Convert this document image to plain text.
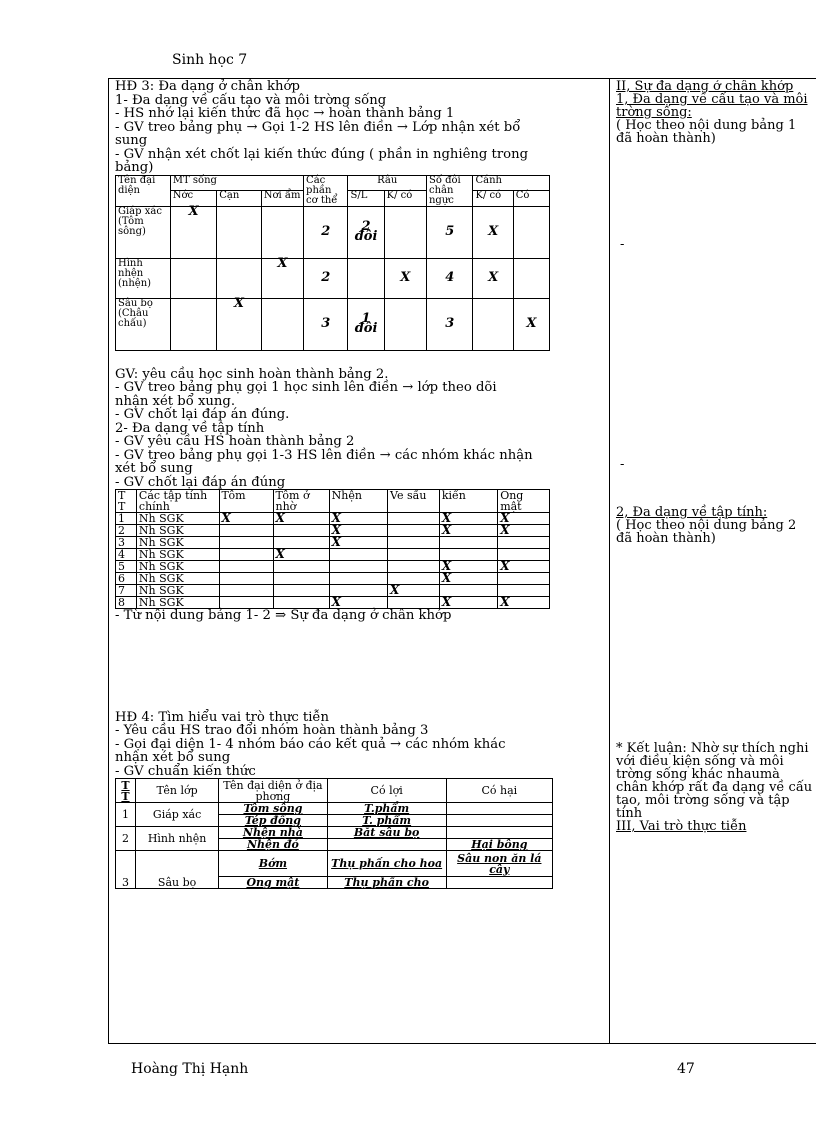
Sinh học 7

HĐ 3: Đa dạng ở chân khớp

1- Đa dạng về cấu tạo và môi trờng sống

- HS nhớ lại kiến thức đã học → hoàn thành bảng 1

- GV treo bảng phụ → Gọi 1-2 HS lên điền → Lớp nhận xét bổ

sung

- GV nhận xét chốt lại kiến thức đúng ( phần in nghiêng trong

bảng)

Tên đại diện	MT sống			Các phần cơ thể	Râu		Số đôi chân ngực	Cánh	
	Nớc	Cạn	Nơi ẩm		S/L	K/ có		K/ có	Có
Giáp xác (Tôm sông)	X			2	2 đôi		5	X	
Hình nhện (nhện)			X	2		X	4	X	
Sâu bọ (Châu chấu)		X		3	1 đôi		3		X

GV: yêu cầu học sinh hoàn thành bảng 2.

- GV treo bảng phụ gọi 1 học sinh lên điền → lớp theo dõi

nhận xét bổ xung.

- GV chốt lại đáp án đúng.

2- Đa dạng về tập tính

- GV yêu cầu HS hoàn thành bảng 2

- GV treo bảng phụ gọi 1-3 HS lên điền → các nhóm khác nhận

xét bổ sung

- GV chốt lại đáp án đúng

T T	Các tập tính chính	Tôm	Tôm ở nhờ	Nhện	Ve sầu	kiến	Ong mật
1	Nh SGK	X	X	X		X	X
2	Nh SGK			X		X	X
3	Nh SGK			X			
4	Nh SGK		X				
5	Nh SGK					X	X
6	Nh SGK					X	
7	Nh SGK				X		
8	Nh SGK			X		X	X

- Từ nội dung bảng 1- 2 ⇒ Sự đa dạng ở chân khớp

HĐ 4: Tìm hiểu vai trò thực tiễn

- Yêu cầu HS trao đổi nhóm hoàn thành bảng 3

- Gọi đại diện 1- 4 nhóm báo cáo kết quả → các nhóm khác

nhận xét bổ sung

- GV chuẩn kiến thức

T T	Tên lớp	Tên đại diện ở địa phơng	Có lợi	Có hại
1	Giáp xác	Tôm sông	T.phẩm	
		Tép đồng	T. phẩm	
2	Hình nhện	Nhện nhà	Bắt sâu bọ	
		Nhện đỏ		Hại bông
3	Sâu bọ	Bớm	Thụ phấn cho hoa	Sâu non ăn lá cây
		Ong mật	Thụ phấn cho	

II, Sự đa dạng ở chân khớp

1, Đa dạng về cấu tạo và môi

trờng sống:

( Học theo nội dung bảng 1

đã hoàn thành)

-
-

2, Đa dạng về tập tính:

( Học theo nội dung bảng 2

đã hoàn thành)

* Kết luận: Nhờ sự thích nghi

với điều kiện sống và môi

trờng sống khác nhaumà

chân khớp rất đa dạng về cấu

tạo, môi trờng sống và tập

tính

III, Vai trò thực tiễn

Hoàng Thị Hạnh	47
